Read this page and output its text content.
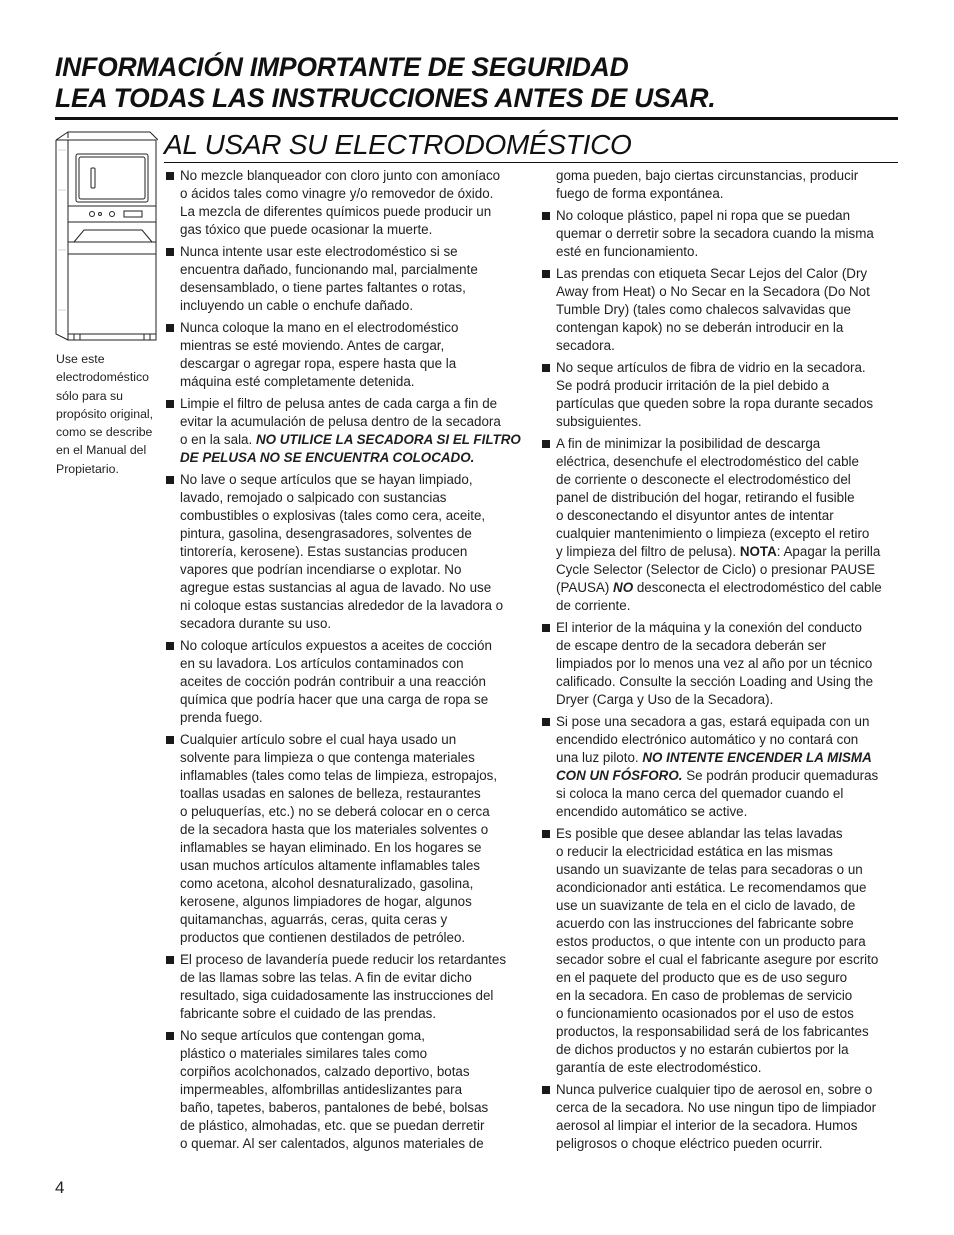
INFORMACIÓN IMPORTANTE DE SEGURIDAD
LEA TODAS LAS INSTRUCCIONES ANTES DE USAR.
AL USAR SU ELECTRODOMÉSTICO
Use este
electrodoméstico
sólo para su
propósito original,
como se describe
en el Manual del
Propietario.
No mezcle blanqueador con cloro junto con amoníaco
o ácidos tales como vinagre y/o removedor de óxido.
La mezcla de diferentes químicos puede producir un
gas tóxico que puede ocasionar la muerte.
Nunca intente usar este electrodoméstico si se
encuentra dañado, funcionando mal, parcialmente
desensamblado, o tiene partes faltantes o rotas,
incluyendo un cable o enchufe dañado.
Nunca coloque la mano en el electrodoméstico
mientras se esté moviendo. Antes de cargar,
descargar o agregar ropa, espere hasta que la
máquina esté completamente detenida.
Limpie el filtro de pelusa antes de cada carga a fin de
evitar la acumulación de pelusa dentro de la secadora
o en la sala. NO UTILICE LA SECADORA SI EL FILTRO
DE PELUSA NO SE ENCUENTRA COLOCADO.
No lave o seque artículos que se hayan limpiado,
lavado, remojado o salpicado con sustancias
combustibles o explosivas (tales como cera, aceite,
pintura, gasolina, desengrasadores, solventes de
tintorería, kerosene). Estas sustancias producen
vapores que podrían incendiarse o explotar. No
agregue estas sustancias al agua de lavado. No use
ni coloque estas sustancias alrededor de la lavadora o
secadora durante su uso.
No coloque artículos expuestos a aceites de cocción
en su lavadora. Los artículos contaminados con
aceites de cocción podrán contribuir a una reacción
química que podría hacer que una carga de ropa se
prenda fuego.
Cualquier artículo sobre el cual haya usado un
solvente para limpieza o que contenga materiales
inflamables (tales como telas de limpieza, estropajos,
toallas usadas en salones de belleza, restaurantes
o peluquerías, etc.) no se deberá colocar en o cerca
de la secadora hasta que los materiales solventes o
inflamables se hayan eliminado. En los hogares se
usan muchos artículos altamente inflamables tales
como acetona, alcohol desnaturalizado, gasolina,
kerosene, algunos limpiadores de hogar, algunos
quitamanchas, aguarrás, ceras, quita ceras y
productos que contienen destilados de petróleo.
El proceso de lavandería puede reducir los retardantes
de las llamas sobre las telas. A fin de evitar dicho
resultado, siga cuidadosamente las instrucciones del
fabricante sobre el cuidado de las prendas.
No seque artículos que contengan goma,
plástico o materiales similares tales como
corpiños acolchonados, calzado deportivo, botas
impermeables, alfombrillas antideslizantes para
baño, tapetes, baberos, pantalones de bebé, bolsas
de plástico, almohadas, etc. que se puedan derretir
o quemar. Al ser calentados, algunos materiales de
goma pueden, bajo ciertas circunstancias, producir
fuego de forma expontánea.
No coloque plástico, papel ni ropa que se puedan
quemar o derretir sobre la secadora cuando la misma
esté en funcionamiento.
Las prendas con etiqueta Secar Lejos del Calor (Dry
Away from Heat) o No Secar en la Secadora (Do Not
Tumble Dry) (tales como chalecos salvavidas que
contengan kapok) no se deberán introducir en la
secadora.
No seque artículos de fibra de vidrio en la secadora.
Se podrá producir irritación de la piel debido a
partículas que queden sobre la ropa durante secados
subsiguientes.
A fin de minimizar la posibilidad de descarga
eléctrica, desenchufe el electrodoméstico del cable
de corriente o desconecte el electrodoméstico del
panel de distribución del hogar, retirando el fusible
o desconectando el disyuntor antes de intentar
cualquier mantenimiento o limpieza (excepto el retiro
y limpieza del filtro de pelusa). NOTA: Apagar la perilla
Cycle Selector (Selector de Ciclo) o presionar PAUSE
(PAUSA) NO desconecta el electrodoméstico del cable
de corriente.
El interior de la máquina y la conexión del conducto
de escape dentro de la secadora deberán ser
limpiados por lo menos una vez al año por un técnico
calificado. Consulte la sección Loading and Using the
Dryer (Carga y Uso de la Secadora).
Si pose una secadora a gas, estará equipada con un
encendido electrónico automático y no contará con
una luz piloto. NO INTENTE ENCENDER LA MISMA
CON UN FÓSFORO. Se podrán producir quemaduras
si coloca la mano cerca del quemador cuando el
encendido automático se active.
Es posible que desee ablandar las telas lavadas
o reducir la electricidad estática en las mismas
usando un suavizante de telas para secadoras o un
acondicionador anti estática. Le recomendamos que
use un suavizante de tela en el ciclo de lavado, de
acuerdo con las instrucciones del fabricante sobre
estos productos, o que intente con un producto para
secador sobre el cual el fabricante asegure por escrito
en el paquete del producto que es de uso seguro
en la secadora. En caso de problemas de servicio
o funcionamiento ocasionados por el uso de estos
productos, la responsabilidad será de los fabricantes
de dichos productos y no estarán cubiertos por la
garantía de este electrodoméstico.
Nunca pulverice cualquier tipo de aerosol en, sobre o
cerca de la secadora. No use ningun tipo de limpiador
aerosol al limpiar el interior de la secadora. Humos
peligrosos o choque eléctrico pueden ocurrir.
4
